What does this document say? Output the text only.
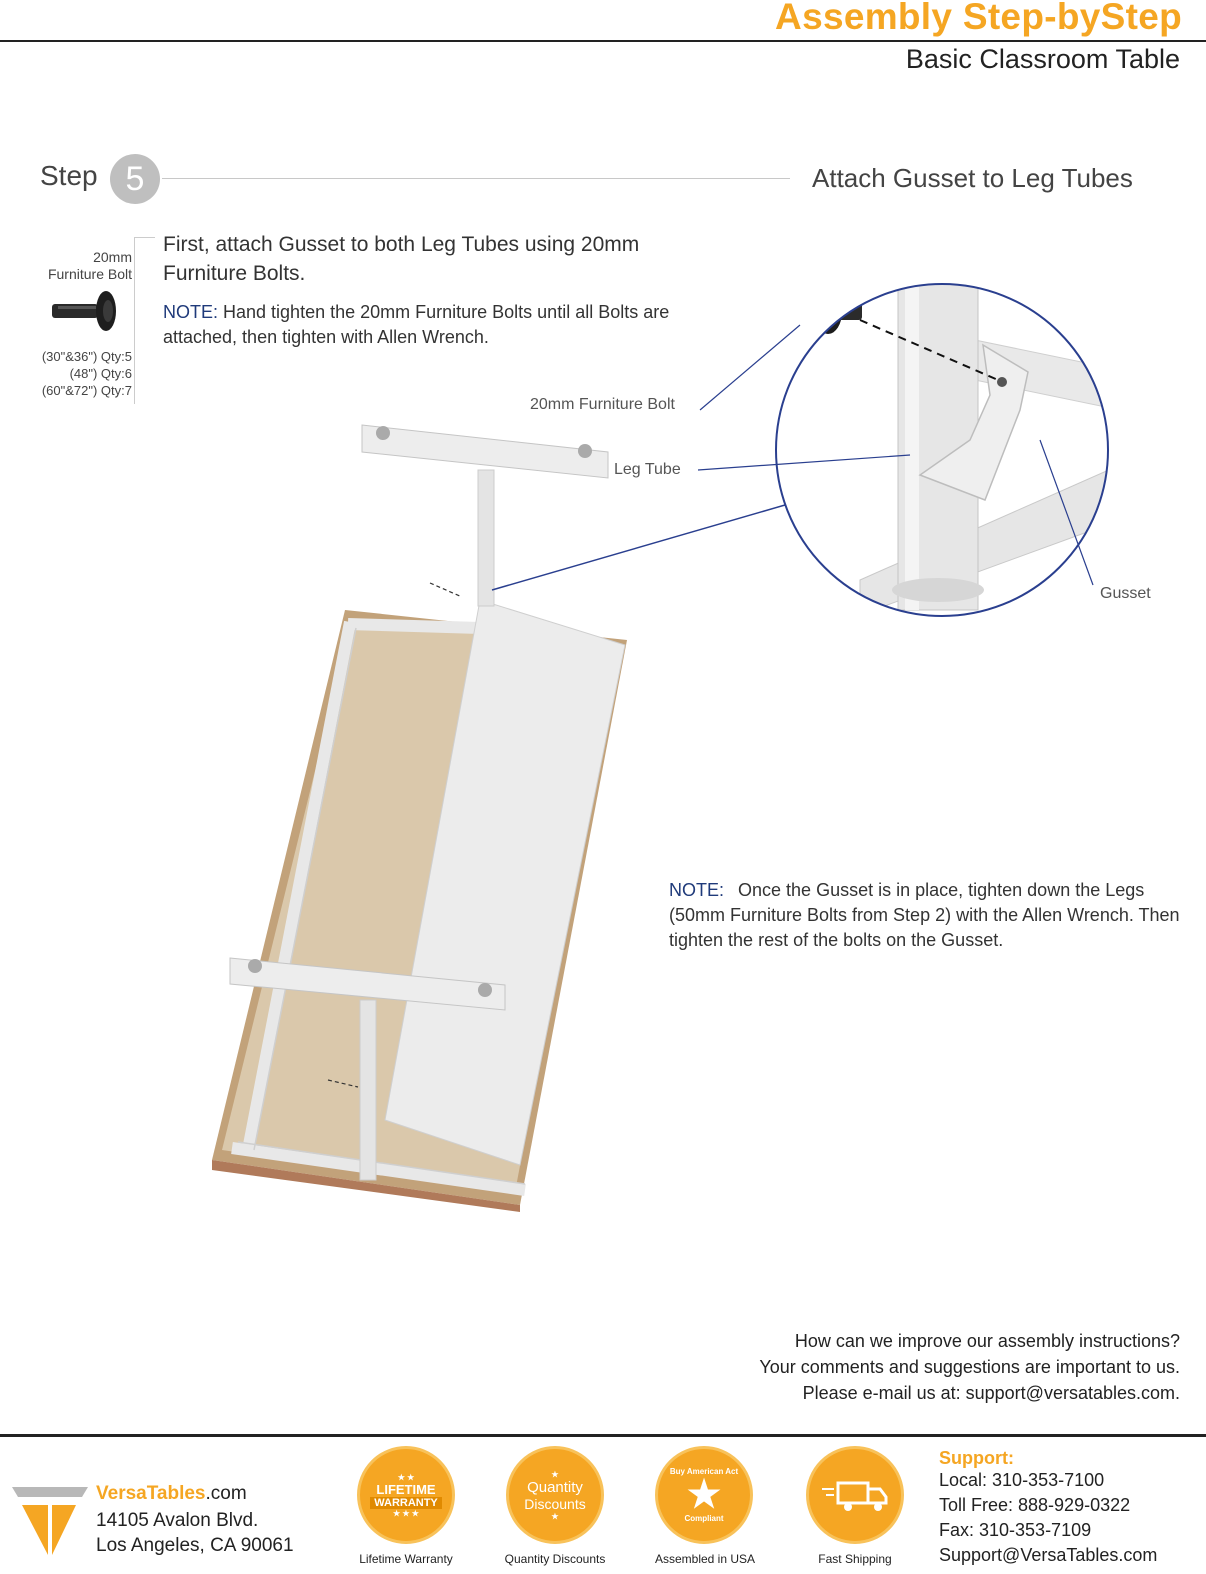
Assembly Step-byStep
Basic Classroom Table
Step 5	Attach Gusset to Leg Tubes
20mm
Furniture Bolt
(30"&36") Qty:5
(48") Qty:6
(60"&72") Qty:7
First, attach Gusset to both Leg Tubes using 20mm Furniture Bolts.
NOTE: Hand tighten the 20mm Furniture Bolts until all Bolts are attached, then tighten with Allen Wrench.
20mm Furniture Bolt
Leg Tube
Gusset
NOTE: Once the Gusset is in place, tighten down the Legs (50mm Furniture Bolts from Step 2) with the Allen Wrench. Then tighten the rest of the bolts on the Gusset.
How can we improve our assembly instructions?
Your comments and suggestions are important to us.
Please e-mail us at: support@versatables.com.
VersaTables.com
14105 Avalon Blvd.
Los Angeles, CA 90061
★ ★
LIFETIME
WARRANTY
★ ★ ★
Lifetime Warranty
★
Quantity
Discounts
★
Quantity Discounts
Buy American Act
★
Compliant
Assembled in USA	Fast Shipping
Support:
Local: 310-353-7100
Toll Free: 888-929-0322
Fax: 310-353-7109
Support@VersaTables.com
